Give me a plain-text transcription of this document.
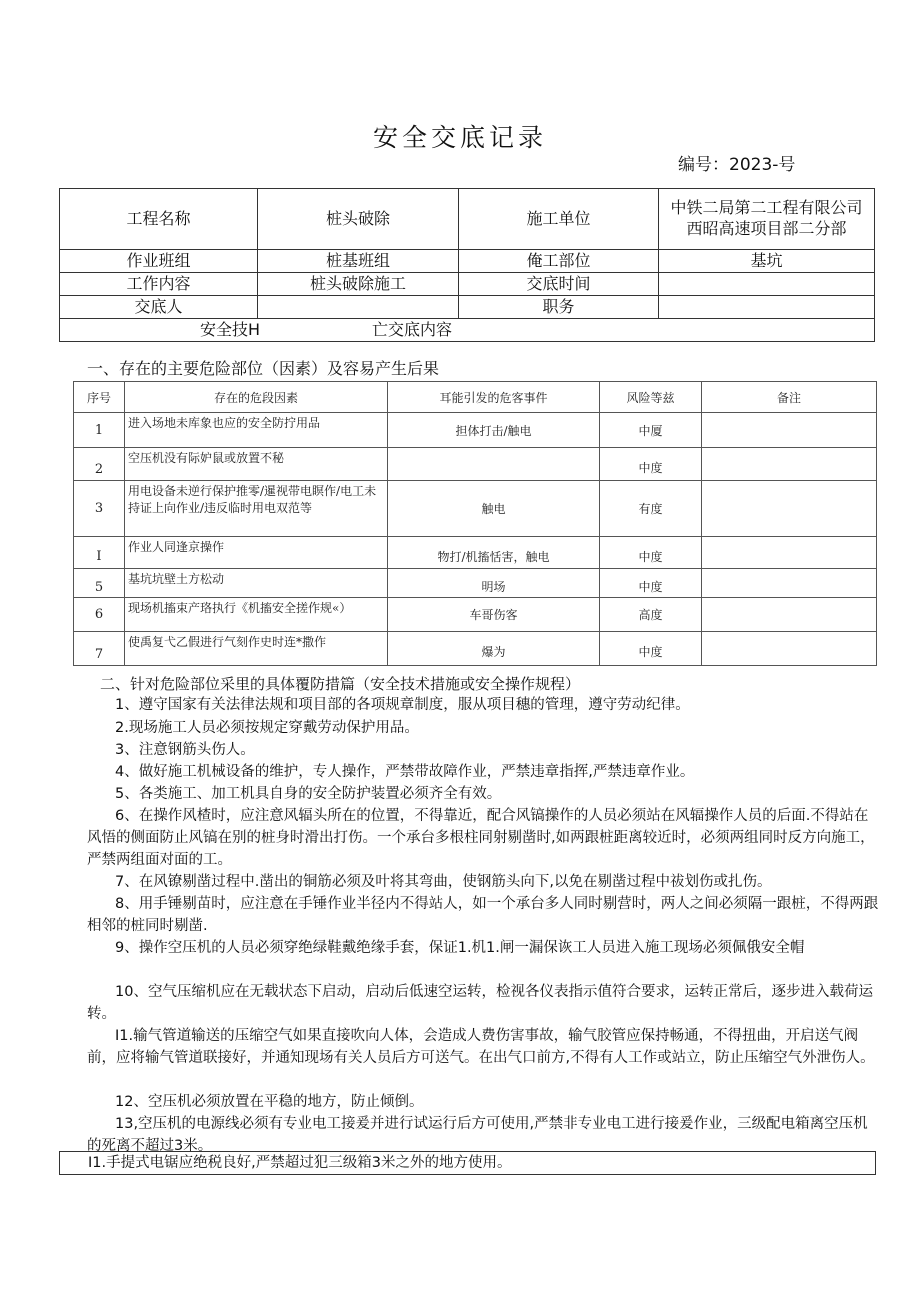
安全交底记录
编号：2023-号
工程名称	桩头破除	施工单位	中铁二局第二工程有限公司
西昭高速项目部二分部

作业班组	桩基班组	俺工部位	基坑
工作内容	桩头破除施工	交底时间	
交底人		职务	
安全技H 亡交底内容			
一、存在的主要危险部位（因素）及容易产生后果
序号	存在的危段因素	耳能引发的危客事件	风险等兹	备注
1	进入场地未库象也应的安全防拧用品	担体打击/触电	中厦	
2	空压机没有际妒鼠或放置不秘		中度	
3	用电设备未逆行保护推零/暹视带电瞑作/电工未持证上向作业/违反临时用电双范等	触电	有度	
I	作业人同逢京操作	物打/机搐恬害，触电	中度	
5	基坑坑壁土方松动	明场	中度	
6	现场机搐束产珞执行《机搐安全搓作规«）	车哥伤客	高度	
7	使禹复弋乙假进行气刻作史时连*撒作	爆为	中度	
二、针对危险部位采里的具体覆防措篇（安全技术措施或安全操作规程）
1、遵守国家有关法律法规和项目部的各项规章制度，服从项目穗的管理，遵守劳动纪律。
2.现场施工人员必须按规定穿戴劳动保护用品。
3、注意钢筋头伤人。
4、做好施工机械设备的维护，专人操作，严禁带故障作业，严禁违章指挥,严禁违章作业。
5、各类施工、加工机具自身的安全防护装置必须齐全有效。
6、在操作风楂时，应注意风辐头所在的位置，不得靠近，配合风镐操作的人员必须站在风辐操作人员的后面.不得站在风悟的侧面防止风镐在别的桩身时滑出打伤。一个承台多根柱同射剔凿时,如两跟桩距离较近时，必须两组同时反方向施工，严禁两组面对面的工。
7、在风镣剔凿过程中.凿出的铜筋必须及叶将其弯曲，使钢筋头向下,以免在剔凿过程中祓划伤或扎伤。
8、用手锤剔苗时，应注意在手锤作业半径内不得站人，如一个承台多人同时剔营时，两人之间必须隔一跟桩，不得两跟相邻的桩同时剔凿.
9、操作空压机的人员必须穿绝绿鞋戴绝缘手套，保证1.机1.闸一漏保诙工人员进入施工现场必须佩俄安全帽
10、空气压缩机应在无载状态下启动，启动后低速空运转，检视各仪表指示值符合要求，运转正常后，逐步进入载荷运转。
I1.输气管道输送的压缩空气如果直接吹向人体，会造成人费伤害事故，输气胶管应保持畅通，不得扭曲，开启送气阀前，应将输气管道联接好，并通知现场有关人员后方可送气。在出气口前方,不得有人工作或站立，防止压缩空气外泄伤人。
12、空压机必须放置在平稳的地方，防止倾倒。
13,空压机的电源线必须有专业电工接爰并进行试运行后方可使用,严禁非专业电工进行接爰作业，三级配电箱离空压机的死离不超过3米。
I1.手提式电锯应绝税良好,严禁超过犯三级箱3米之外的地方使用。
